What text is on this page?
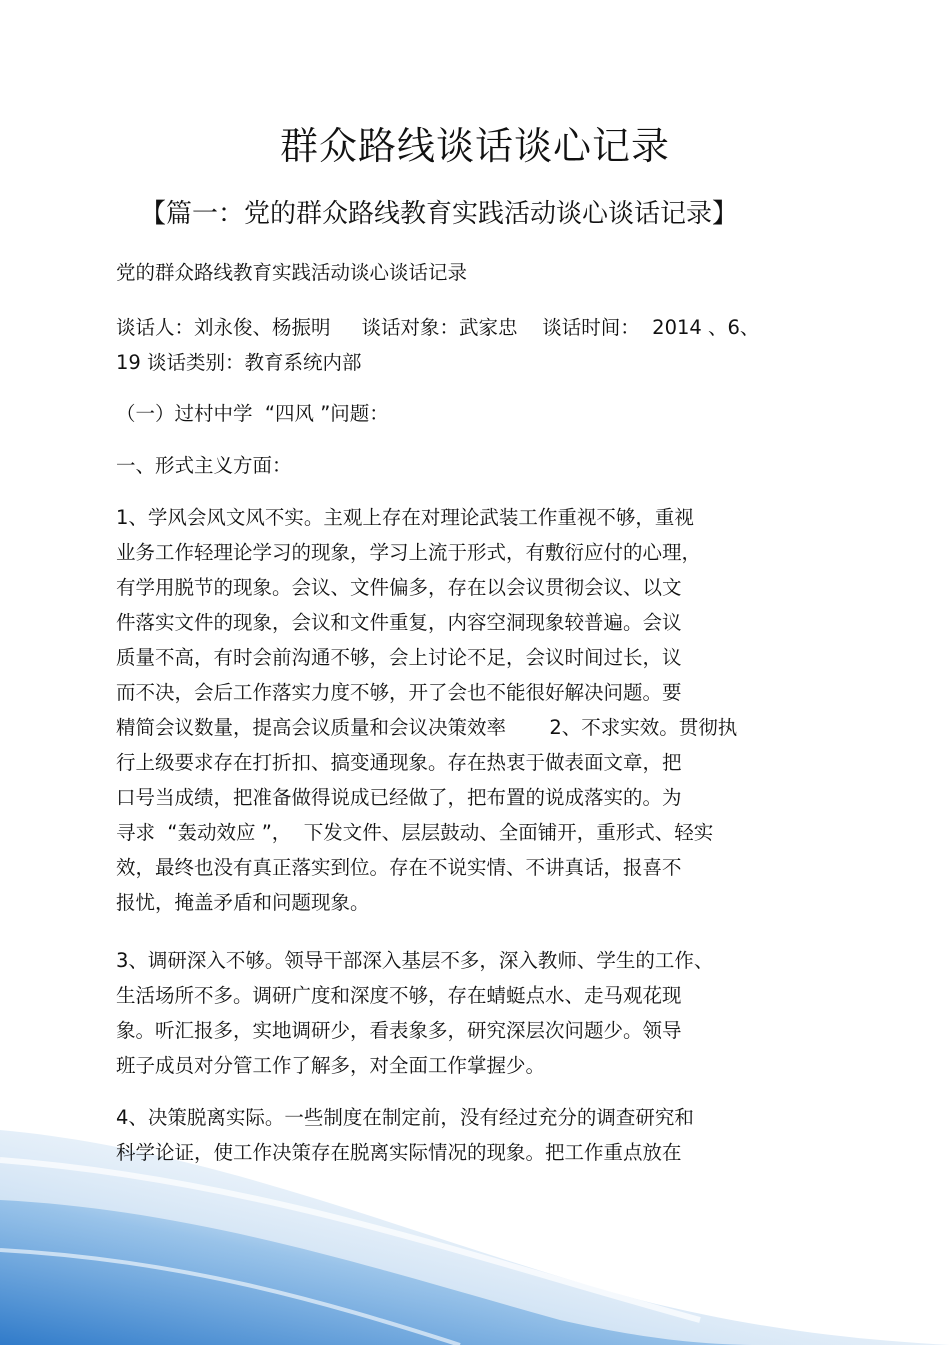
群众路线谈话谈心记录
【篇一：党的群众路线教育实践活动谈心谈话记录】
党的群众路线教育实践活动谈心谈话记录
谈话人：刘永俊、杨振明     谈话对象：武家忠    谈话时间：  2014 、6、
19 谈话类别：教育系统内部
（一）过村中学  “四风 ”问题：
一、形式主义方面：
1、学风会风文风不实。主观上存在对理论武装工作重视不够，重视
业务工作轻理论学习的现象，学习上流于形式，有敷衍应付的心理，
有学用脱节的现象。会议、文件偏多，存在以会议贯彻会议、以文
件落实文件的现象，会议和文件重复，内容空洞现象较普遍。会议
质量不高，有时会前沟通不够，会上讨论不足，会议时间过长，议
而不决，会后工作落实力度不够，开了会也不能很好解决问题。要
精简会议数量，提高会议质量和会议决策效率       2、不求实效。贯彻执
行上级要求存在打折扣、搞变通现象。存在热衷于做表面文章，把
口号当成绩，把准备做得说成已经做了，把布置的说成落实的。为
寻求  “轰动效应 ”，  下发文件、层层鼓动、全面铺开，重形式、轻实
效，最终也没有真正落实到位。存在不说实情、不讲真话，报喜不
报忧，掩盖矛盾和问题现象。
3、调研深入不够。领导干部深入基层不多，深入教师、学生的工作、
生活场所不多。调研广度和深度不够，存在蜻蜓点水、走马观花现
象。听汇报多，实地调研少，看表象多，研究深层次问题少。领导
班子成员对分管工作了解多，对全面工作掌握少。
4、决策脱离实际。一些制度在制定前，没有经过充分的调查研究和
科学论证，使工作决策存在脱离实际情况的现象。把工作重点放在
